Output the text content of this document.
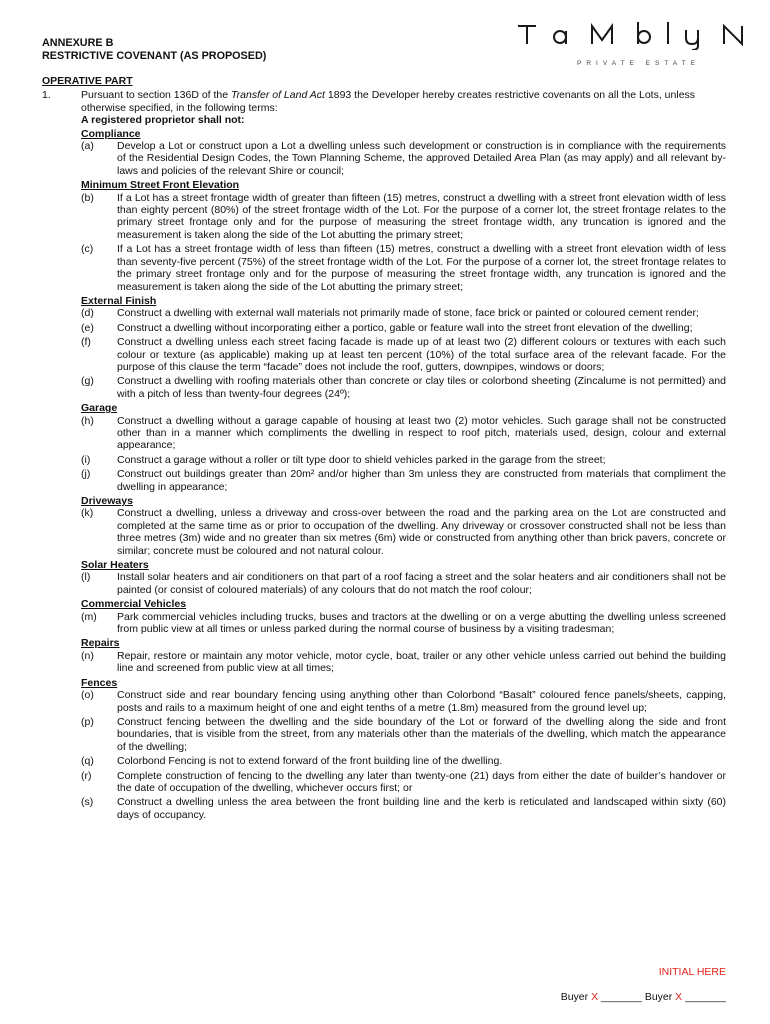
ANNEXURE B
RESTRICTIVE COVENANT (AS PROPOSED)
PRIVATE ESTATE
OPERATIVE PART
1.	Pursuant to section 136D of the Transfer of Land Act 1893 the Developer hereby creates restrictive covenants on all the Lots, unless otherwise specified, in the following terms:
A registered proprietor shall not:
Compliance
(a)	Develop a Lot or construct upon a Lot a dwelling unless such development or construction is in compliance with the requirements of the Residential Design Codes, the Town Planning Scheme, the approved Detailed Area Plan (as may apply) and all relevant by-laws and policies of the relevant Shire or council;
Minimum Street Front Elevation
(b)	If a Lot has a street frontage width of greater than fifteen (15) metres, construct a dwelling with a street front elevation width of less than eighty percent (80%) of the street frontage width of the Lot. For the purpose of a corner lot, the street frontage relates to the primary street frontage only and for the purpose of measuring the street frontage width, any truncation is ignored and the measurement is taken along the side of the Lot abutting the primary street;
(c)	If a Lot has a street frontage width of less than fifteen (15) metres, construct a dwelling with a street front elevation width of less than seventy-five percent (75%) of the street frontage width of the Lot. For the purpose of a corner lot, the street frontage relates to the primary street frontage only and for the purpose of measuring the street frontage width, any truncation is ignored and the measurement is taken along the side of the Lot abutting the primary street;
External Finish
(d)	Construct a dwelling with external wall materials not primarily made of stone, face brick or painted or coloured cement render;
(e)	Construct a dwelling without incorporating either a portico, gable or feature wall into the street front elevation of the dwelling;
(f)	Construct a dwelling unless each street facing facade is made up of at least two (2) different colours or textures with each such colour or texture (as applicable) making up at least ten percent (10%) of the total surface area of the relevant facade. For the purpose of this clause the term “facade” does not include the roof, gutters, downpipes, windows or doors;
(g)	Construct a dwelling with roofing materials other than concrete or clay tiles or colorbond sheeting (Zincalume is not permitted) and with a pitch of less than twenty-four degrees (24º);
Garage
(h)	Construct a dwelling without a garage capable of housing at least two (2) motor vehicles. Such garage shall not be constructed other than in a manner which compliments the dwelling in respect to roof pitch, materials used, design, colour and external appearance;
(i)	Construct a garage without a roller or tilt type door to shield vehicles parked in the garage from the street;
(j)	Construct out buildings greater than 20m² and/or higher than 3m unless they are constructed from materials that compliment the dwelling in appearance;
Driveways
(k)	Construct a dwelling, unless a driveway and cross-over between the road and the parking area on the Lot are constructed and completed at the same time as or prior to occupation of the dwelling. Any driveway or crossover constructed shall not be less than three metres (3m) wide and no greater than six metres (6m) wide or constructed from anything other than brick pavers, concrete or similar; concrete must be coloured and not natural colour.
Solar Heaters
(l)	Install solar heaters and air conditioners on that part of a roof facing a street and the solar heaters and air conditioners shall not be painted (or consist of coloured materials) of any colours that do not match the roof colour;
Commercial Vehicles
(m)	Park commercial vehicles including trucks, buses and tractors at the dwelling or on a verge abutting the dwelling unless screened from public view at all times or unless parked during the normal course of business by a visiting tradesman;
Repairs
(n)	Repair, restore or maintain any motor vehicle, motor cycle, boat, trailer or any other vehicle unless carried out behind the building line and screened from public view at all times;
Fences
(o)	Construct side and rear boundary fencing using anything other than Colorbond “Basalt” coloured fence panels/sheets, capping, posts and rails to a maximum height of one and eight tenths of a metre (1.8m) measured from the ground level up;
(p)	Construct fencing between the dwelling and the side boundary of the Lot or forward of the dwelling along the side and front boundaries, that is visible from the street, from any materials other than the materials of the dwelling, which match the appearance of the dwelling;
(q)	Colorbond Fencing is not to extend forward of the front building line of the dwelling.
(r)	Complete construction of fencing to the dwelling any later than twenty-one (21) days from either the date of builder’s handover or the date of occupation of the dwelling, whichever occurs first; or
(s)	Construct a dwelling unless the area between the front building line and the kerb is reticulated and landscaped within sixty (60) days of occupancy.
INITIAL HERE
Buyer X _______ Buyer X _______
